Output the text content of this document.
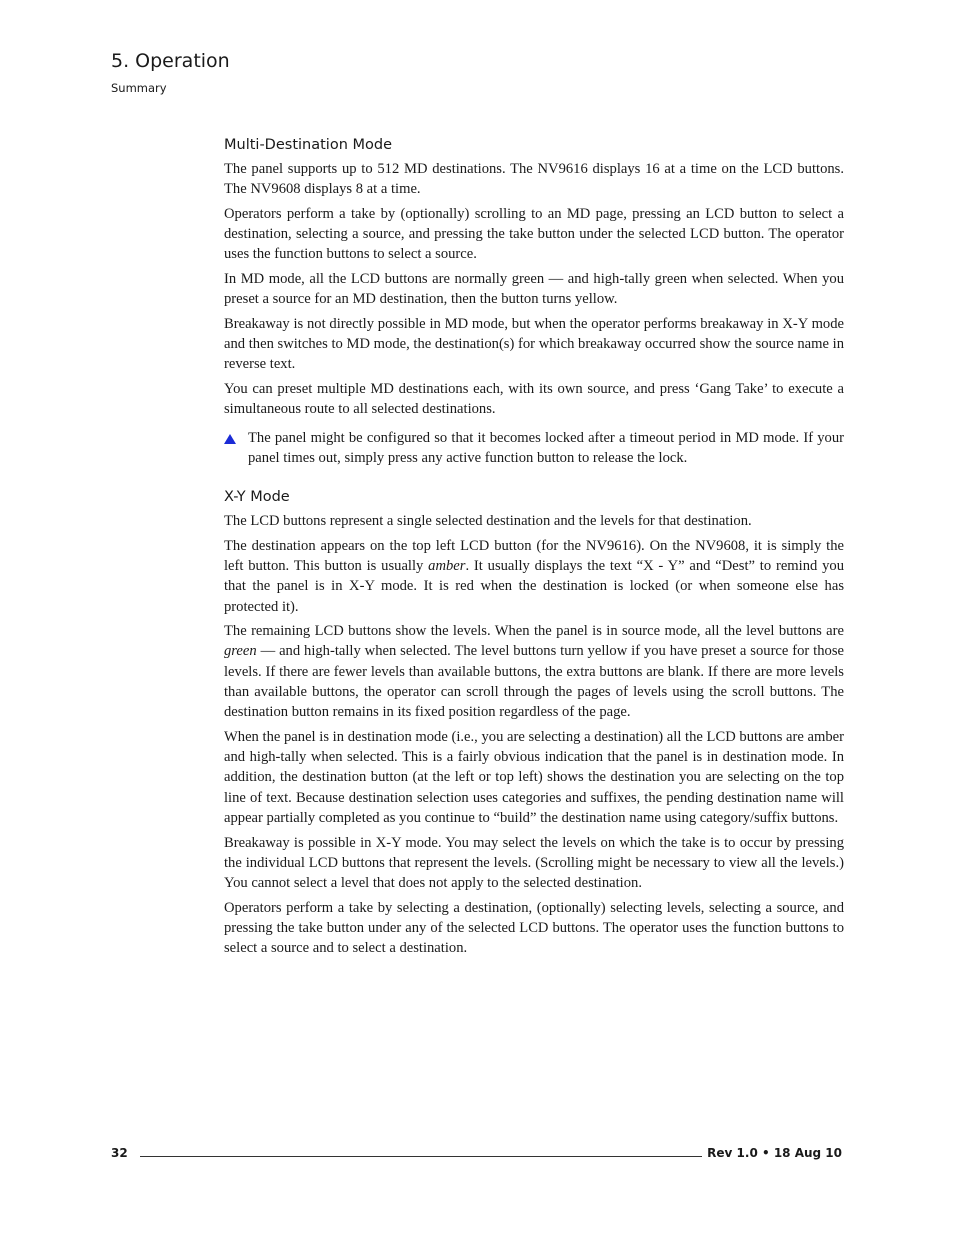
5. Operation
Summary
Multi-Destination Mode

The panel supports up to 512 MD destinations. The NV9616 displays 16 at a time on the LCD buttons. The NV9608 displays 8 at a time.

Operators perform a take by (optionally) scrolling to an MD page, pressing an LCD button to select a destination, selecting a source, and pressing the take button under the selected LCD button. The operator uses the function buttons to select a source.

In MD mode, all the LCD buttons are normally green — and high-tally green when selected. When you preset a source for an MD destination, then the button turns yellow.

Breakaway is not directly possible in MD mode, but when the operator performs breakaway in X-Y mode and then switches to MD mode, the destination(s) for which breakaway occurred show the source name in reverse text.

You can preset multiple MD destinations each, with its own source, and press ‘Gang Take’ to execute a simultaneous route to all selected destinations.

The panel might be configured so that it becomes locked after a timeout period in MD mode. If your panel times out, simply press any active function button to release the lock.

X-Y Mode

The LCD buttons represent a single selected destination and the levels for that destination.

The destination appears on the top left LCD button (for the NV9616). On the NV9608, it is simply the left button. This button is usually amber. It usually displays the text “X - Y” and “Dest” to remind you that the panel is in X-Y mode. It is red when the destination is locked (or when someone else has protected it).

The remaining LCD buttons show the levels. When the panel is in source mode, all the level buttons are green — and high-tally when selected. The level buttons turn yellow if you have preset a source for those levels. If there are fewer levels than available buttons, the extra buttons are blank. If there are more levels than available buttons, the operator can scroll through the pages of levels using the scroll buttons. The destination button remains in its fixed position regardless of the page.

When the panel is in destination mode (i.e., you are selecting a destination) all the LCD buttons are amber and high-tally when selected. This is a fairly obvious indication that the panel is in destination mode. In addition, the destination button (at the left or top left) shows the destination you are selecting on the top line of text. Because destination selection uses categories and suffixes, the pending destination name will appear partially completed as you continue to “build” the destination name using category/suffix buttons.

Breakaway is possible in X-Y mode. You may select the levels on which the take is to occur by pressing the individual LCD buttons that represent the levels. (Scrolling might be necessary to view all the levels.) You cannot select a level that does not apply to the selected destination.

Operators perform a take by selecting a destination, (optionally) selecting levels, selecting a source, and pressing the take button under any of the selected LCD buttons. The operator uses the function buttons to select a source and to select a destination.

32	Rev 1.0 • 18 Aug 10
